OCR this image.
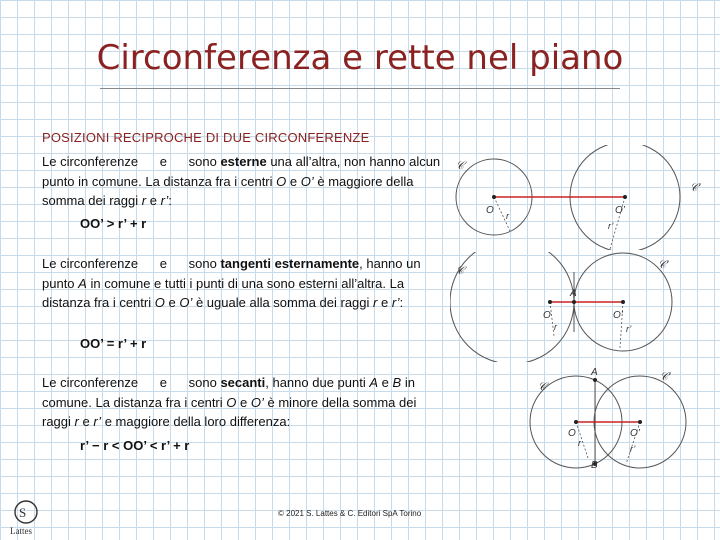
Circonferenza e rette nel piano
POSIZIONI RECIPROCHE DI DUE CIRCONFERENZE
Le circonferenze e sono esterne una all’altra, non hanno alcun punto in comune. La distanza fra i centri O e O’ è maggiore della somma dei raggi r e r’:
OO’ > r’ + r
Le circonferenze e sono tangenti esternamente, hanno un punto A in comune e tutti i punti di una sono esterni all’altra. La distanza fra i centri O e O’ è uguale alla somma dei raggi r e r’:
OO’ = r’ + r
Le circonferenze e sono secanti, hanno due punti A e B in comune. La distanza fra i centri O e O’ è minore della somma dei raggi r e r’ e maggiore della loro differenza:
r’ − r < OO’ < r’ + r
𝒞
𝒞’
O	O’
r
r’
𝒞	𝒞’
O
A
O’
r	r’
𝒞
𝒞’
A
B
O	O’
r
r’
S
Lattes
© 2021 S. Lattes & C. Editori SpA Torino
